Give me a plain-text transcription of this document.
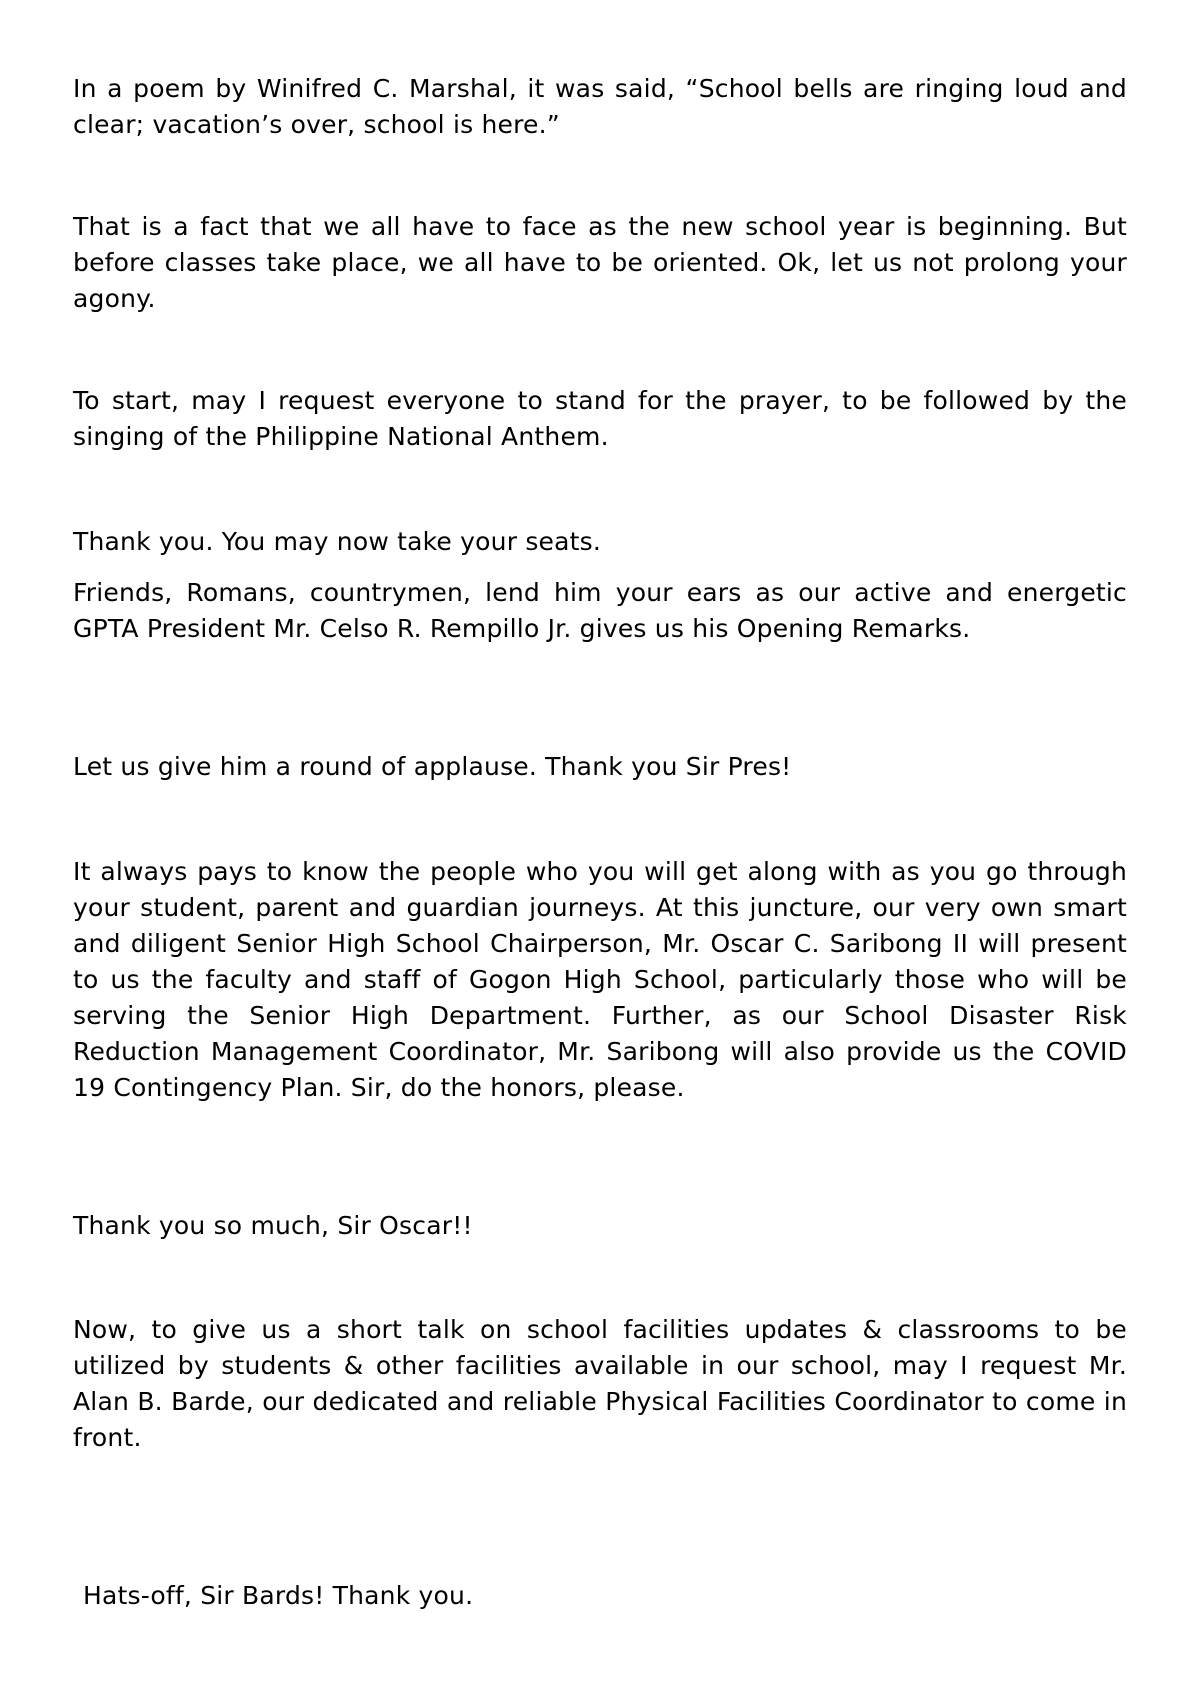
In a poem by Winifred C. Marshal, it was said, “School bells are ringing loud and clear; vacation’s over, school is here.”

That is a fact that we all have to face as the new school year is beginning. But before classes take place, we all have to be oriented. Ok, let us not prolong your agony.

To start, may I request everyone to stand for the prayer, to be followed by the singing of the Philippine National Anthem.

Thank you. You may now take your seats.

Friends, Romans, countrymen, lend him your ears as our active and energetic GPTA President Mr. Celso R. Rempillo Jr. gives us his Opening Remarks.

Let us give him a round of applause. Thank you Sir Pres!

It always pays to know the people who you will get along with as you go through your student, parent and guardian journeys. At this juncture, our very own smart and diligent Senior High School Chairperson, Mr. Oscar C. Saribong II will present to us the faculty and staff of Gogon High School, particularly those who will be serving the Senior High Department. Further, as our School Disaster Risk Reduction Management Coordinator, Mr. Saribong will also provide us the COVID 19 Contingency Plan. Sir, do the honors, please.

Thank you so much, Sir Oscar!!

Now, to give us a short talk on school facilities updates & classrooms to be utilized by students & other facilities available in our school, may I request Mr. Alan B. Barde, our dedicated and reliable Physical Facilities Coordinator to come in front.

Hats-off, Sir Bards! Thank you.
